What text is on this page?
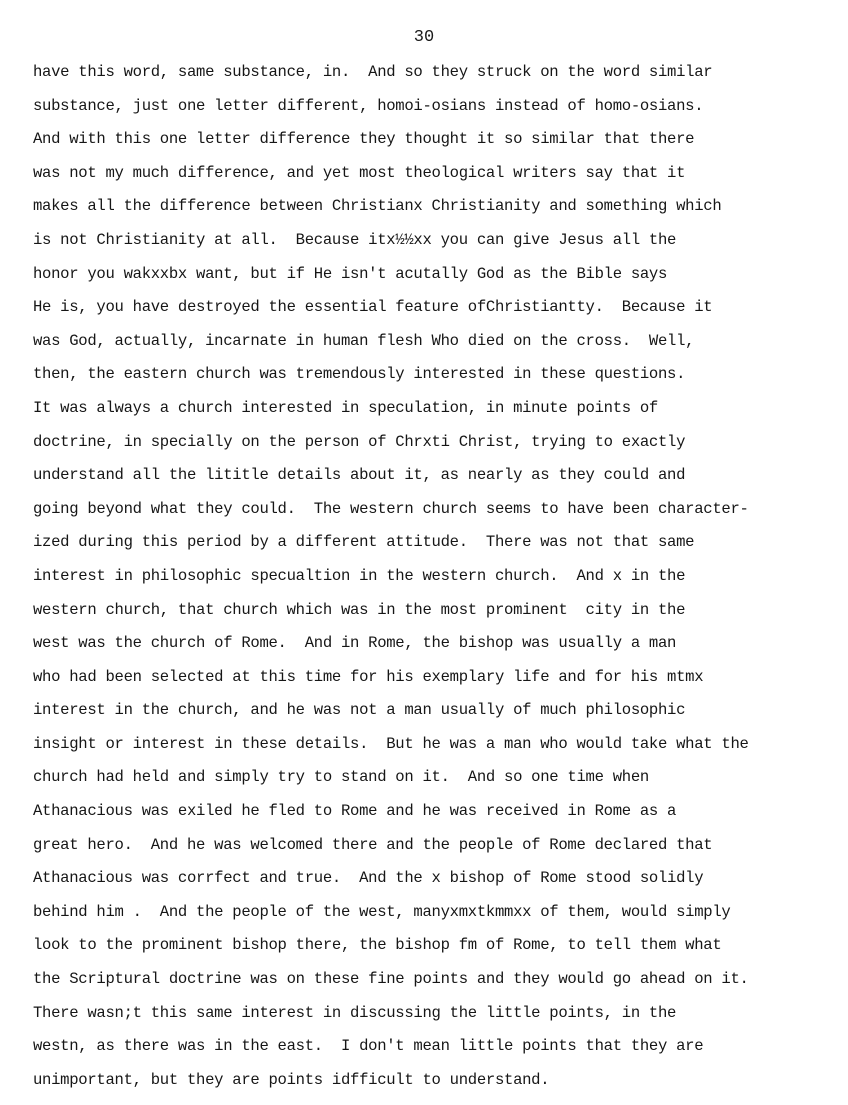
30
have this word, same substance, in.  And so they struck on the word similar
substance, just one letter different, homoi-osians instead of homo-osians.
And with this one letter difference they thought it so similar that there
was not my much difference, and yet most theological writers say that it
makes all the difference between Christianx Christianity and something which
is not Christianity at all.  Because itx½½xx you can give Jesus all the
honor you wakxxbx want, but if He isn't acutally God as the Bible says
He is, you have destroyed the essential feature ofChristiantty.  Because it
was God, actually, incarnate in human flesh Who died on the cross.  Well,
then, the eastern church was tremendously interested in these questions.
It was always a church interested in speculation, in minute points of
doctrine, in specially on the person of Chrxti Christ, trying to exactly
understand all the lititle details about it, as nearly as they could and
going beyond what they could.  The western church seems to have been character-
ized during this period by a different attitude.  There was not that same
interest in philosophic specualtion in the western church.  And x in the
western church, that church which was in the most prominent  city in the
west was the church of Rome.  And in Rome, the bishop was usually a man
who had been selected at this time for his exemplary life and for his mtmx
interest in the church, and he was not a man usually of much philosophic
insight or interest in these details.  But he was a man who would take what the
church had held and simply try to stand on it.  And so one time when
Athanacious was exiled he fled to Rome and he was received in Rome as a
great hero.  And he was welcomed there and the people of Rome declared that
Athanacious was corrfect and true.  And the x bishop of Rome stood solidly
behind him .  And the people of the west, manyxmxtkmmxx of them, would simply
look to the prominent bishop there, the bishop fm of Rome, to tell them what
the Scriptural doctrine was on these fine points and they would go ahead on it.
There wasn;t this same interest in discussing the little points, in the
westn, as there was in the east.  I don't mean little points that they are
unimportant, but they are points idfficult to understand.
